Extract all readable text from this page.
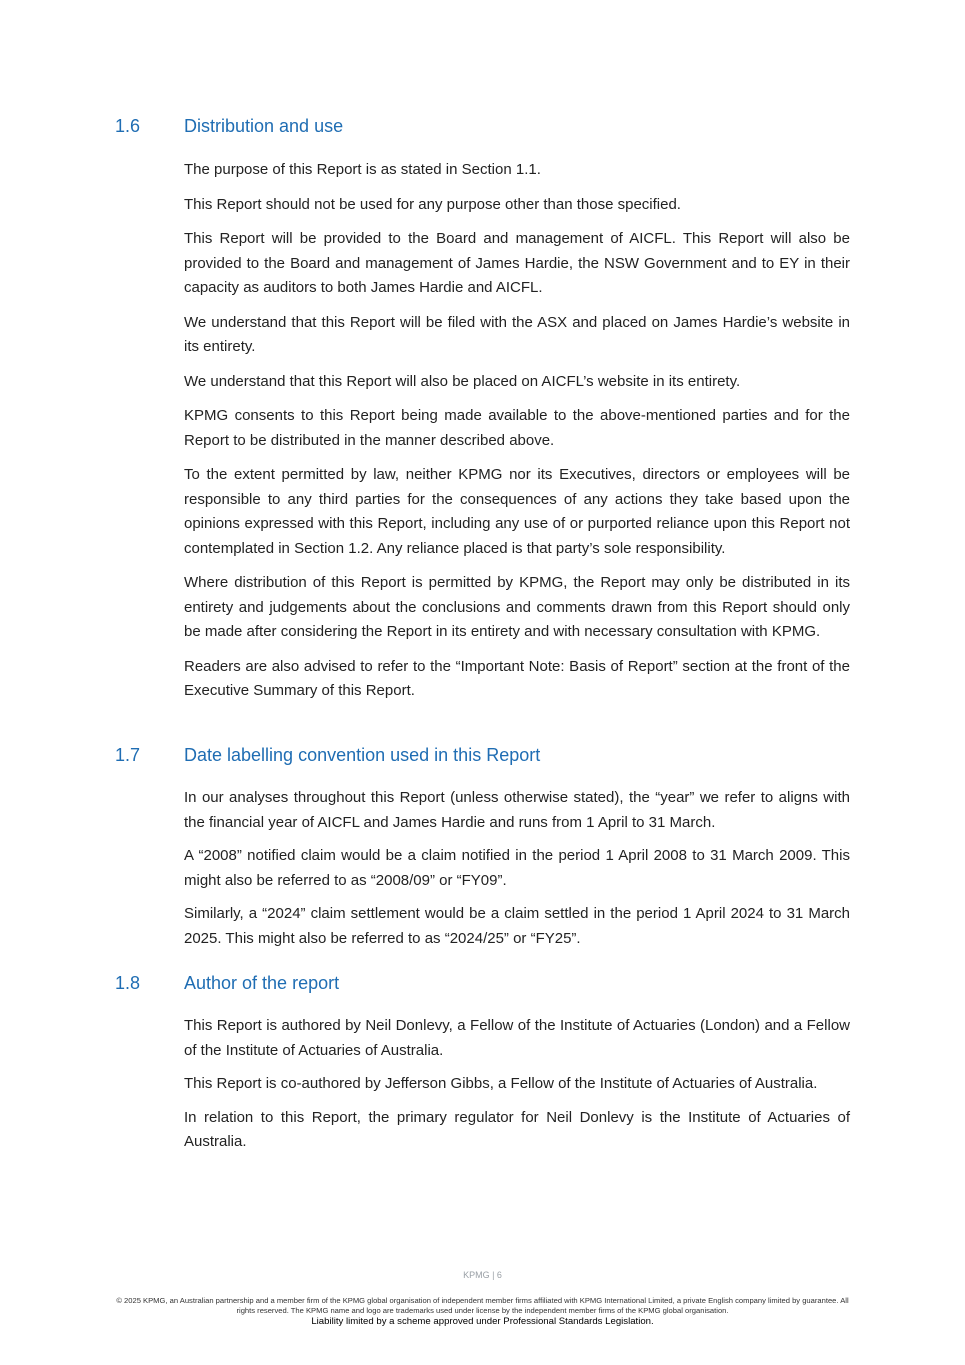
1.6 Distribution and use

The purpose of this Report is as stated in Section 1.1.

This Report should not be used for any purpose other than those specified.

This Report will be provided to the Board and management of AICFL. This Report will also be provided to the Board and management of James Hardie, the NSW Government and to EY in their capacity as auditors to both James Hardie and AICFL.

We understand that this Report will be filed with the ASX and placed on James Hardie’s website in its entirety.

We understand that this Report will also be placed on AICFL’s website in its entirety.

KPMG consents to this Report being made available to the above-mentioned parties and for the Report to be distributed in the manner described above.

To the extent permitted by law, neither KPMG nor its Executives, directors or employees will be responsible to any third parties for the consequences of any actions they take based upon the opinions expressed with this Report, including any use of or purported reliance upon this Report not contemplated in Section 1.2. Any reliance placed is that party’s sole responsibility.

Where distribution of this Report is permitted by KPMG, the Report may only be distributed in its entirety and judgements about the conclusions and comments drawn from this Report should only be made after considering the Report in its entirety and with necessary consultation with KPMG.

Readers are also advised to refer to the “Important Note: Basis of Report” section at the front of the Executive Summary of this Report.

1.7 Date labelling convention used in this Report

In our analyses throughout this Report (unless otherwise stated), the “year” we refer to aligns with the financial year of AICFL and James Hardie and runs from 1 April to 31 March.

A “2008” notified claim would be a claim notified in the period 1 April 2008 to 31 March 2009. This might also be referred to as “2008/09” or “FY09”.

Similarly, a “2024” claim settlement would be a claim settled in the period 1 April 2024 to 31 March 2025. This might also be referred to as “2024/25” or “FY25”.

1.8 Author of the report

This Report is authored by Neil Donlevy, a Fellow of the Institute of Actuaries (London) and a Fellow of the Institute of Actuaries of Australia.

This Report is co-authored by Jefferson Gibbs, a Fellow of the Institute of Actuaries of Australia.

In relation to this Report, the primary regulator for Neil Donlevy is the Institute of Actuaries of Australia.

KPMG | 6
© 2025 KPMG, an Australian partnership and a member firm of the KPMG global organisation of independent member firms affiliated with KPMG International Limited, a private English company limited by guarantee. All rights reserved. The KPMG name and logo are trademarks used under license by the independent member firms of the KPMG global organisation.
Liability limited by a scheme approved under Professional Standards Legislation.
